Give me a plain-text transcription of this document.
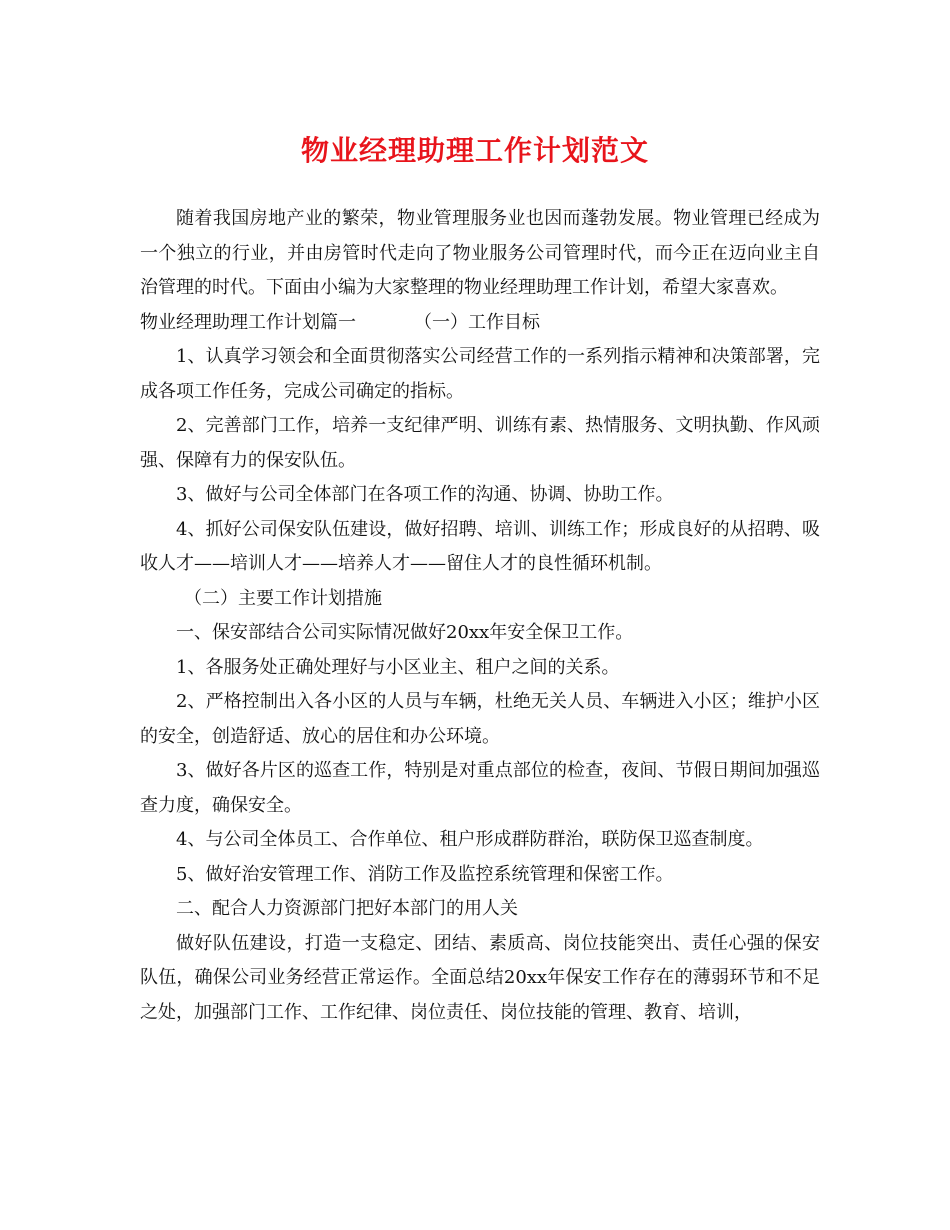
物业经理助理工作计划范文

随着我国房地产业的繁荣，物业管理服务业也因而蓬勃发展。物业管理已经成为一个独立的行业，并由房管时代走向了物业服务公司管理时代，而今正在迈向业主自治管理的时代。下面由小编为大家整理的物业经理助理工作计划，希望大家喜欢。

物业经理助理工作计划篇一	（一）工作目标

1、认真学习领会和全面贯彻落实公司经营工作的一系列指示精神和决策部署，完成各项工作任务，完成公司确定的指标。

2、完善部门工作，培养一支纪律严明、训练有素、热情服务、文明执勤、作风顽强、保障有力的保安队伍。

3、做好与公司全体部门在各项工作的沟通、协调、协助工作。

4、抓好公司保安队伍建设，做好招聘、培训、训练工作；形成良好的从招聘、吸收人才——培训人才——培养人才——留住人才的良性循环机制。

（二）主要工作计划措施

一、保安部结合公司实际情况做好20xx年安全保卫工作。

1、各服务处正确处理好与小区业主、租户之间的关系。

2、严格控制出入各小区的人员与车辆，杜绝无关人员、车辆进入小区；维护小区的安全，创造舒适、放心的居住和办公环境。

3、做好各片区的巡查工作，特别是对重点部位的检查，夜间、节假日期间加强巡查力度，确保安全。

4、与公司全体员工、合作单位、租户形成群防群治，联防保卫巡查制度。

5、做好治安管理工作、消防工作及监控系统管理和保密工作。

二、配合人力资源部门把好本部门的用人关

做好队伍建设，打造一支稳定、团结、素质高、岗位技能突出、责任心强的保安队伍，确保公司业务经营正常运作。全面总结20xx年保安工作存在的薄弱环节和不足之处，加强部门工作、工作纪律、岗位责任、岗位技能的管理、教育、培训，
